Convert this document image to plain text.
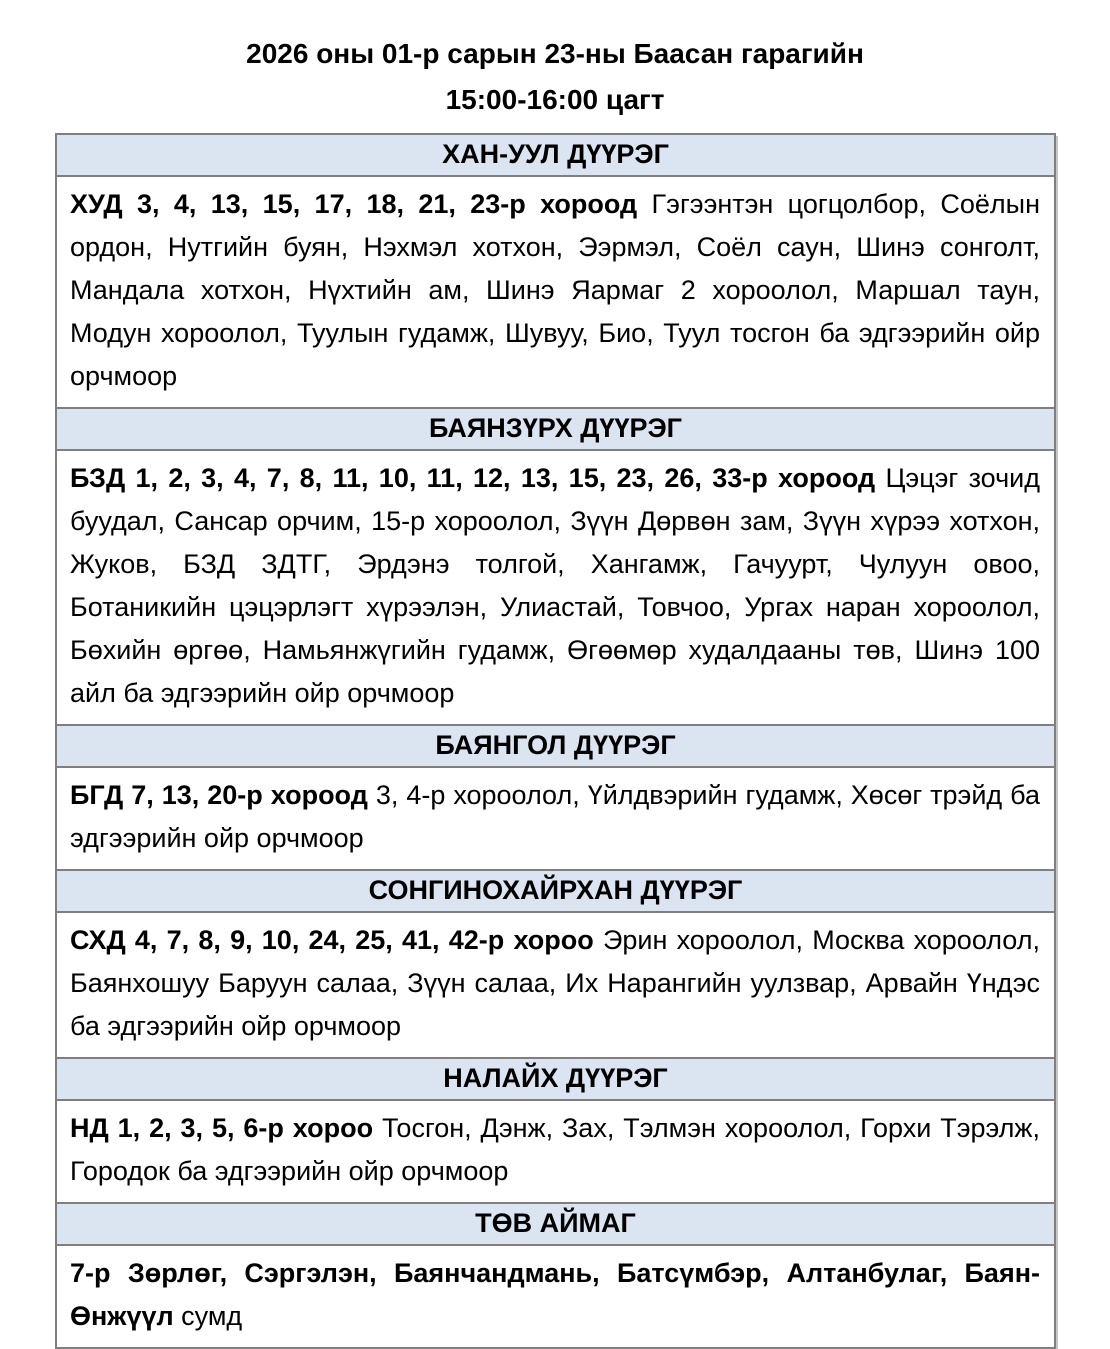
2026 оны 01-р сарын 23-ны Баасан гарагийн
15:00-16:00 цагт
ХАН-УУЛ ДҮҮРЭГ
ХУД 3, 4, 13, 15, 17, 18, 21, 23-р хороод Гэгээнтэн цогцолбор, Соёлын ордон, Нутгийн буян, Нэхмэл хотхон, Ээрмэл, Соёл саун, Шинэ сонголт, Мандала хотхон, Нүхтийн ам, Шинэ Яармаг 2 хороолол, Маршал таун, Модун хороолол, Туулын гудамж, Шувуу, Био, Туул тосгон ба эдгээрийн ойр орчмоор
БАЯНЗҮРХ ДҮҮРЭГ
БЗД 1, 2, 3, 4, 7, 8, 11, 10, 11, 12, 13, 15, 23, 26, 33-р хороод Цэцэг зочид буудал, Сансар орчим, 15-р хороолол, Зүүн Дөрвөн зам, Зүүн хүрээ хотхон, Жуков, БЗД ЗДТГ, Эрдэнэ толгой, Хангамж, Гачуурт, Чулуун овоо, Ботаникийн цэцэрлэгт хүрээлэн, Улиастай, Товчоо, Ургах наран хороолол, Бөхийн өргөө, Намьянжүгийн гудамж, Өгөөмөр худалдааны төв, Шинэ 100 айл ба эдгээрийн ойр орчмоор
БАЯНГОЛ ДҮҮРЭГ
БГД 7, 13, 20-р хороод 3, 4-р хороолол, Үйлдвэрийн гудамж, Хөсөг трэйд ба эдгээрийн ойр орчмоор
СОНГИНОХАЙРХАН ДҮҮРЭГ
СХД 4, 7, 8, 9, 10, 24, 25, 41, 42-р хороо Эрин хороолол, Москва хороолол, Баянхошуу Баруун салаа, Зүүн салаа, Их Нарангийн уулзвар, Арвайн Үндэс ба эдгээрийн ойр орчмоор
НАЛАЙХ ДҮҮРЭГ
НД 1, 2, 3, 5, 6-р хороо Тосгон, Дэнж, Зах, Тэлмэн хороолол, Горхи Тэрэлж, Городок ба эдгээрийн ойр орчмоор
ТӨВ АЙМАГ
7-р Зөрлөг, Сэргэлэн, Баянчандмань, Батсүмбэр, Алтанбулаг, Баян-Өнжүүл сумд
